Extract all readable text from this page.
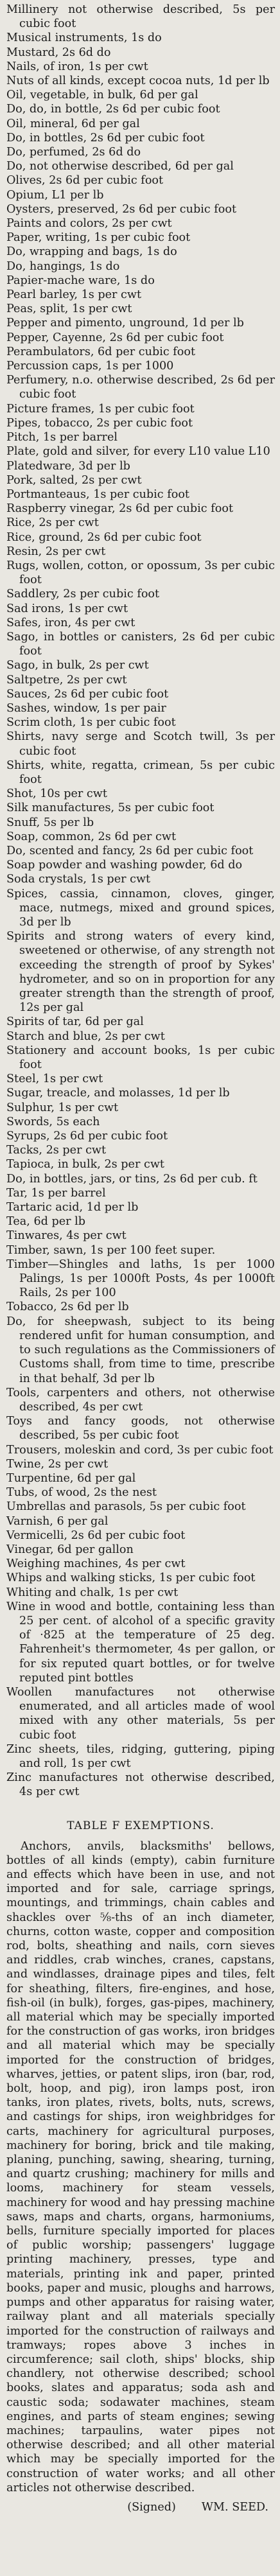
Millinery not otherwise described, 5s per cubic foot
Musical instruments, 1s do
Mustard, 2s 6d do
Nails, of iron, 1s per cwt
Nuts of all kinds, except cocoa nuts, 1d per lb
Oil, vegetable, in bulk, 6d per gal
Do, do, in bottle, 2s 6d per cubic foot
Oil, mineral, 6d per gal
Do, in bottles, 2s 6d per cubic foot
Do, perfumed, 2s 6d do
Do, not otherwise described, 6d per gal
Olives, 2s 6d per cubic foot
Opium, L1 per lb
Oysters, preserved, 2s 6d per cubic foot
Paints and colors, 2s per cwt
Paper, writing, 1s per cubic foot
Do, wrapping and bags, 1s do
Do, hangings, 1s do
Papier-mache ware, 1s do
Pearl barley, 1s per cwt
Peas, split, 1s per cwt
Pepper and pimento, unground, 1d per lb
Pepper, Cayenne, 2s 6d per cubic foot
Perambulators, 6d per cubic foot
Percussion caps, 1s per 1000
Perfumery, n.o. otherwise described, 2s 6d per cubic foot
Picture frames, 1s per cubic foot
Pipes, tobacco, 2s per cubic foot
Pitch, 1s per barrel
Plate, gold and silver, for every L10 value L10
Platedware, 3d per lb
Pork, salted, 2s per cwt
Portmanteaus, 1s per cubic foot
Raspberry vinegar, 2s 6d per cubic foot
Rice, 2s per cwt
Rice, ground, 2s 6d per cubic foot
Resin, 2s per cwt
Rugs, wollen, cotton, or opossum, 3s per cubic foot
Saddlery, 2s per cubic foot
Sad irons, 1s per cwt
Safes, iron, 4s per cwt
Sago, in bottles or canisters, 2s 6d per cubic foot
Sago, in bulk, 2s per cwt
Saltpetre, 2s per cwt
Sauces, 2s 6d per cubic foot
Sashes, window, 1s per pair
Scrim cloth, 1s per cubic foot
Shirts, navy serge and Scotch twill, 3s per cubic foot
Shirts, white, regatta, crimean, 5s per cubic foot
Shot, 10s per cwt
Silk manufactures, 5s per cubic foot
Snuff, 5s per lb
Soap, common, 2s 6d per cwt
Do, scented and fancy, 2s 6d per cubic foot
Soap powder and washing powder, 6d do
Soda crystals, 1s per cwt
Spices, cassia, cinnamon, cloves, ginger, mace, nutmegs, mixed and ground spices, 3d per lb
Spirits and strong waters of every kind, sweetened or otherwise, of any strength not exceeding the strength of proof by Sykes' hydrometer, and so on in proportion for any greater strength than the strength of proof, 12s per gal
Spirits of tar, 6d per gal
Starch and blue, 2s per cwt
Stationery and account books, 1s per cubic foot
Steel, 1s per cwt
Sugar, treacle, and molasses, 1d per lb
Sulphur, 1s per cwt
Swords, 5s each
Syrups, 2s 6d per cubic foot
Tacks, 2s per cwt
Tapioca, in bulk, 2s per cwt
Do, in bottles, jars, or tins, 2s 6d per cub. ft
Tar, 1s per barrel
Tartaric acid, 1d per lb
Tea, 6d per lb
Tinwares, 4s per cwt
Timber, sawn, 1s per 100 feet super.
Timber—Shingles and laths, 1s per 1000 Palings, 1s per 1000ft Posts, 4s per 1000ft Rails, 2s per 100
Tobacco, 2s 6d per lb
Do, for sheepwash, subject to its being rendered unfit for human consumption, and to such regulations as the Commissioners of Customs shall, from time to time, prescribe in that behalf, 3d per lb
Tools, carpenters and others, not otherwise described, 4s per cwt
Toys and fancy goods, not otherwise described, 5s per cubic foot
Trousers, moleskin and cord, 3s per cubic foot
Twine, 2s per cwt
Turpentine, 6d per gal
Tubs, of wood, 2s the nest
Umbrellas and parasols, 5s per cubic foot
Varnish, 6 per gal
Vermicelli, 2s 6d per cubic foot
Vinegar, 6d per gallon
Weighing machines, 4s per cwt
Whips and walking sticks, 1s per cubic foot
Whiting and chalk, 1s per cwt
Wine in wood and bottle, containing less than 25 per cent. of alcohol of a specific gravity of ·825 at the temperature of 25 deg. Fahrenheit's thermometer, 4s per gallon, or for six reputed quart bottles, or for twelve reputed pint bottles
Woollen manufactures not otherwise enumerated, and all articles made of wool mixed with any other materials, 5s per cubic foot
Zinc sheets, tiles, ridging, guttering, piping and roll, 1s per cwt
Zinc manufactures not otherwise described, 4s per cwt
TABLE F EXEMPTIONS.

Anchors, anvils, blacksmiths' bellows, bottles of all kinds (empty), cabin furniture and effects which have been in use, and not imported and for sale, carriage springs, mountings, and trimmings, chain cables and shackles over ⅝-ths of an inch diameter, churns, cotton waste, copper and composition rod, bolts, sheathing and nails, corn sieves and riddles, crab winches, cranes, capstans, and windlasses, drainage pipes and tiles, felt for sheathing, filters, fire-engines, and hose, fish-oil (in bulk), forges, gas-pipes, machinery, all material which may be specially imported for the construction of gas works, iron bridges and all material which may be specially imported for the construction of bridges, wharves, jetties, or patent slips, iron (bar, rod, bolt, hoop, and pig), iron lamps post, iron tanks, iron plates, rivets, bolts, nuts, screws, and castings for ships, iron weighbridges for carts, machinery for agricultural purposes, machinery for boring, brick and tile making, planing, punching, sawing, shearing, turning, and quartz crushing; machinery for mills and looms, machinery for steam vessels, machinery for wood and hay pressing machine saws, maps and charts, organs, harmoniums, bells, furniture specially imported for places of public worship; passengers' luggage printing machinery, presses, type and materials, printing ink and paper, printed books, paper and music, ploughs and harrows, pumps and other apparatus for raising water, railway plant and all materials specially imported for the construction of railways and tramways; ropes above 3 inches in circumference; sail cloth, ships' blocks, ship chandlery, not otherwise described; school books, slates and apparatus; soda ash and caustic soda; sodawater machines, steam engines, and parts of steam engines; sewing machines; tarpaulins, water pipes not otherwise described; and all other material which may be specially imported for the construction of water works; and all other articles not otherwise described.

(Signed) WM. SEED.
